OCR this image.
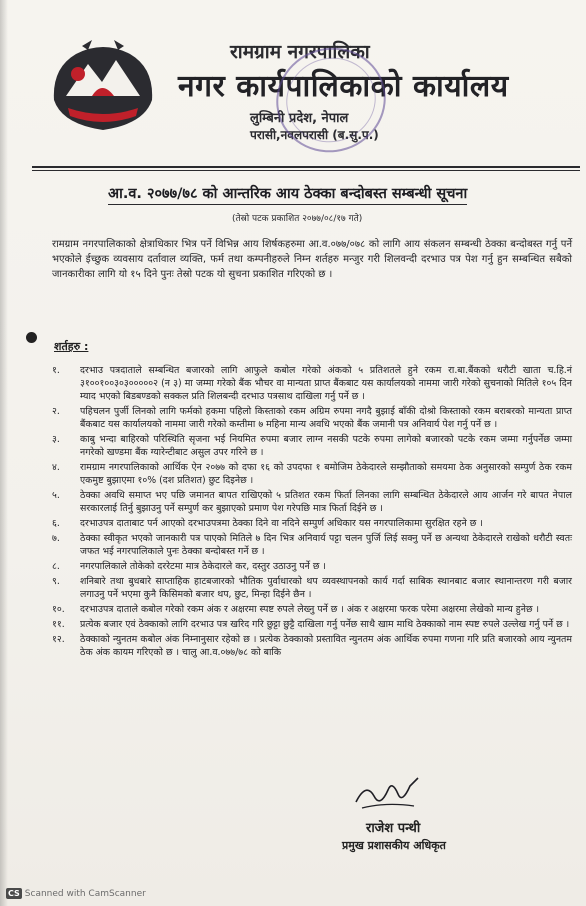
रामग्राम नगरपालिका
नगर कार्यपालिकाको कार्यालय
लुम्बिनी प्रदेश, नेपाल
परासी,नवलपरासी (ब.सु.प.)
आ.व. २०७७/७८ को आन्तरिक आय ठेक्का बन्दोबस्त सम्बन्धी सूचना
(तेस्रो पटक प्रकाशित २०७७/०८/१७ गते)
रामग्राम नगरपालिकाको क्षेत्राधिकार भित्र पर्ने विभिन्न आय शिर्षकहरुमा आ.व.०७७/०७८ को लागि आय संकलन सम्बन्धी ठेक्का बन्दोबस्त गर्नु पर्ने भएकोले ईच्छुक व्यवसाय दर्तावाल व्यक्ति, फर्म तथा कम्पनीहरुले निम्न शर्तहरु मन्जुर गरी शिलवन्दी दरभाउ पत्र पेश गर्नु हुन सम्बन्धित सबैको जानकारीका लागि यो १५ दिने पुनः तेस्रो पटक यो सुचना प्रकाशित गरिएको छ ।
शर्तहरु :
१.	दरभाउ पत्रदाताले सम्बन्धित बजारको लागि आफुले कबोल गरेको अंकको ५ प्रतिशतले हुने रकम रा.बा.बैंकको धरौटी खाता च.हि.नं ३१००१००३०३०००००२ (न ३) मा जम्मा गरेको बैंक भौचर वा मान्यता प्राप्त बैंकबाट यस कार्यालयको नाममा जारी गरेको सुचनाको मितिले १०५ दिन म्याद भएको बिडबण्डको सक्कल प्रति शिलबन्दी दरभाउ पत्रसाथ दाखिला गर्नु पर्ने छ ।
२.	पहिचलन पुर्जी लिनको लागि फर्मको हकमा पहिलो किस्ताको रकम अग्रिम रुपमा नगदै बुझाई बाँकी दोश्रो किस्ताको रकम बराबरको मान्यता प्राप्त बैंकबाट यस कार्यालयको नाममा जारी गरेको कम्तीमा ७ महिना मान्य अवधि भएको बैंक जमानी पत्र अनिवार्य पेश गर्नु पर्ने छ ।
३.	काबु भन्दा बाहिरको परिस्थिति सृजना भई नियमित रुपमा बजार लाग्न नसकी पटके रुपमा लागेको बजारको पटके रकम जम्मा गर्नुपर्नेछ जम्मा नगरेको खण्डमा बैंक ग्यारेन्टीबाट असुल उपर गरिने छ ।
४.	रामग्राम नगरपालिकाको आर्थिक ऐन २०७७ को दफा १६ को उपदफा १ बमोजिम ठेकेदारले सम्झौताको समयमा ठेक अनुसारको सम्पुर्ण ठेक रकम एकमुष्ट बुझाएमा १०% (दश प्रतिशत) छुट दिइनेछ ।
५.	ठेक्का अवधि समाप्त भए पछि जमानत बापत राखिएको ५ प्रतिशत रकम फिर्ता लिनका लागि सम्बन्धित ठेकेदारले आय आर्जन गरे बापत नेपाल सरकारलाई तिर्नु बुझाउनु पर्ने सम्पुर्ण कर बुझाएको प्रमाण पेश गरेपछि मात्र फिर्ता दिईने छ ।
६.	दरभाउपत्र दाताबाट पर्न आएको दरभाउपत्रमा ठेक्का दिने वा नदिने सम्पुर्ण अधिकार यस नगरपालिकामा सुरक्षित रहने छ ।
७.	ठेक्का स्वीकृत भएको जानकारी पत्र पाएको मितिले ७ दिन भित्र अनिवार्य पट्टा चलन पुर्जि लिई सक्नु पर्ने छ अन्यथा ठेकेदारले राखेको धरौटी स्वतः जफत भई नगरपालिकाले पुनः ठेक्का बन्दोबस्त गर्ने छ ।
८.	नगरपालिकाले तोकेको दररेटमा मात्र ठेकेदारले कर, दस्तुर उठाउनु पर्ने छ ।
९.	शनिबारे तथा बुधबारे साप्ताहिक हाटबजारको भौतिक पुर्वाधारको थप व्यवस्थापनको कार्य गर्दा साबिक स्थानबाट बजार स्थानान्तरण गरी बजार लगाउनु पर्ने भएमा कुनै किसिमको बजार थप, छुट, मिन्हा दिईने छैन ।
१०.	दरभाउपत्र दाताले कबोल गरेको रकम अंक र अक्षरमा स्पष्ट रुपले लेख्नु पर्ने छ । अंक र अक्षरमा फरक परेमा अक्षरमा लेखेको मान्य हुनेछ ।
११.	प्रत्येक बजार एवं ठेक्काको लागि दरभाउ पत्र खरिद गरि छुट्टा छुट्टै दाखिला गर्नु पर्नेछ साथै खाम माथि ठेक्काको नाम स्पष्ट रुपले उल्लेख गर्नु पर्ने छ ।
१२.	ठेक्काको न्युनतम कबोल अंक निम्नानुसार रहेको छ । प्रत्येक ठेक्काको प्रस्तावित न्युनतम अंक आर्थिक रुपमा गणना गरि प्रति बजारको आय न्युनतम ठेक अंक कायम गरिएको छ । चालु आ.व.०७७/७८ को बाकि
राजेश पन्थी
प्रमुख प्रशासकीय अधिकृत
CS Scanned with CamScanner
